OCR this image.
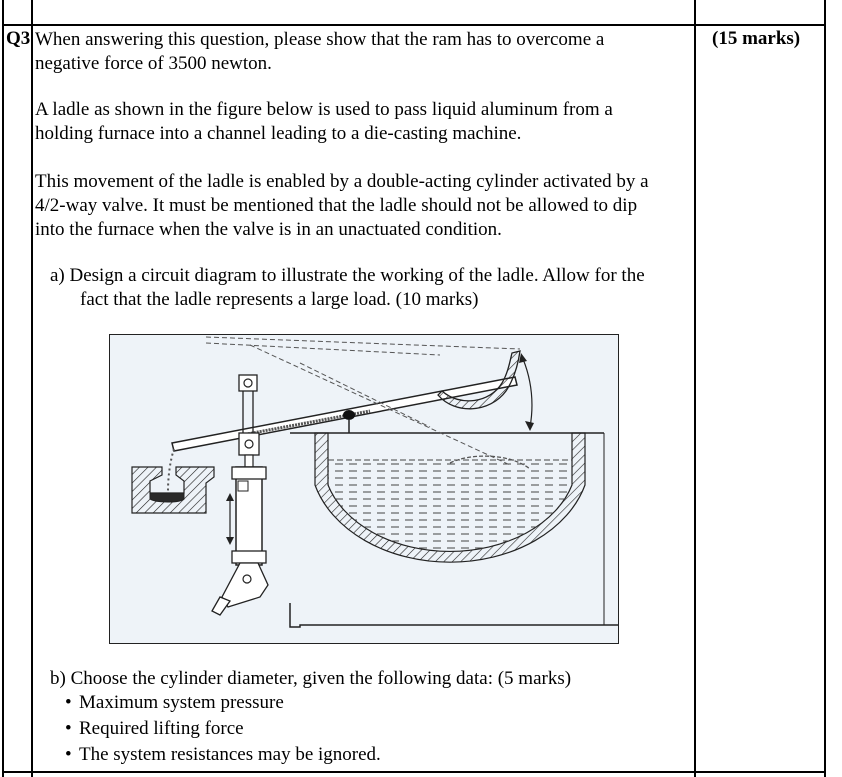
Q3	(15 marks)
When answering this question, please show that the ram has to overcome a
negative force of 3500 newton.
A ladle as shown in the figure below is used to pass liquid aluminum from a
holding furnace into a channel leading to a die-casting machine.
This movement of the ladle is enabled by a double-acting cylinder activated by a
4/2-way valve. It must be mentioned that the ladle should not be allowed to dip
into the furnace when the valve is in an unactuated condition.
a) Design a circuit diagram to illustrate the working of the ladle. Allow for the
fact that the ladle represents a large load. (10 marks)
b) Choose the cylinder diameter, given the following data: (5 marks)
• Maximum system pressure
• Required lifting force
• The system resistances may be ignored.
